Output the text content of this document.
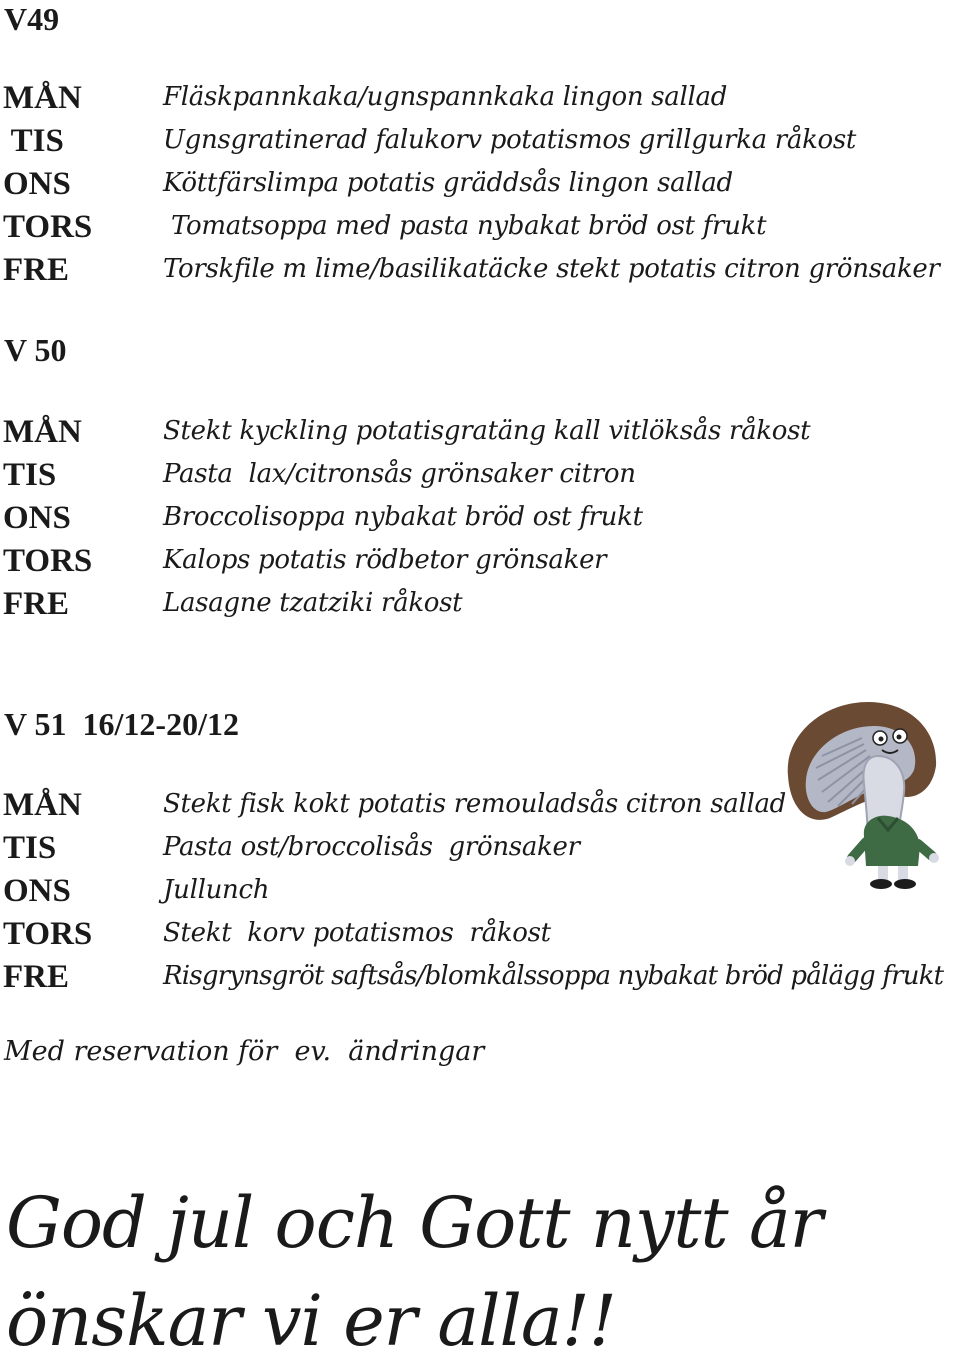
V49
MÅN	Fläskpannkaka/ugnspannkaka lingon sallad
TIS	Ugnsgratinerad falukorv potatismos grillgurka råkost
ONS	Köttfärslimpa potatis gräddsås lingon sallad
TORS	Tomatsoppa med pasta nybakat bröd ost frukt
FRE	Torskfile m lime/basilikatäcke stekt potatis citron grönsaker
V 50
MÅN	Stekt kyckling potatisgratäng kall vitlöksås råkost
TIS	Pasta  lax/citronsås grönsaker citron
ONS	Broccolisoppa nybakat bröd ost frukt
TORS	Kalops potatis rödbetor grönsaker
FRE	Lasagne tzatziki råkost
V 51  16/12-20/12
MÅN	Stekt fisk kokt potatis remouladsås citron sallad
TIS	Pasta ost/broccolisås  grönsaker
ONS	Jullunch
TORS	Stekt  korv potatismos  råkost
FRE	Risgrynsgröt saftsås/blomkålssoppa nybakat bröd pålägg frukt
Med reservation för  ev.  ändringar
God jul och Gott nytt år
önskar vi er alla!!
